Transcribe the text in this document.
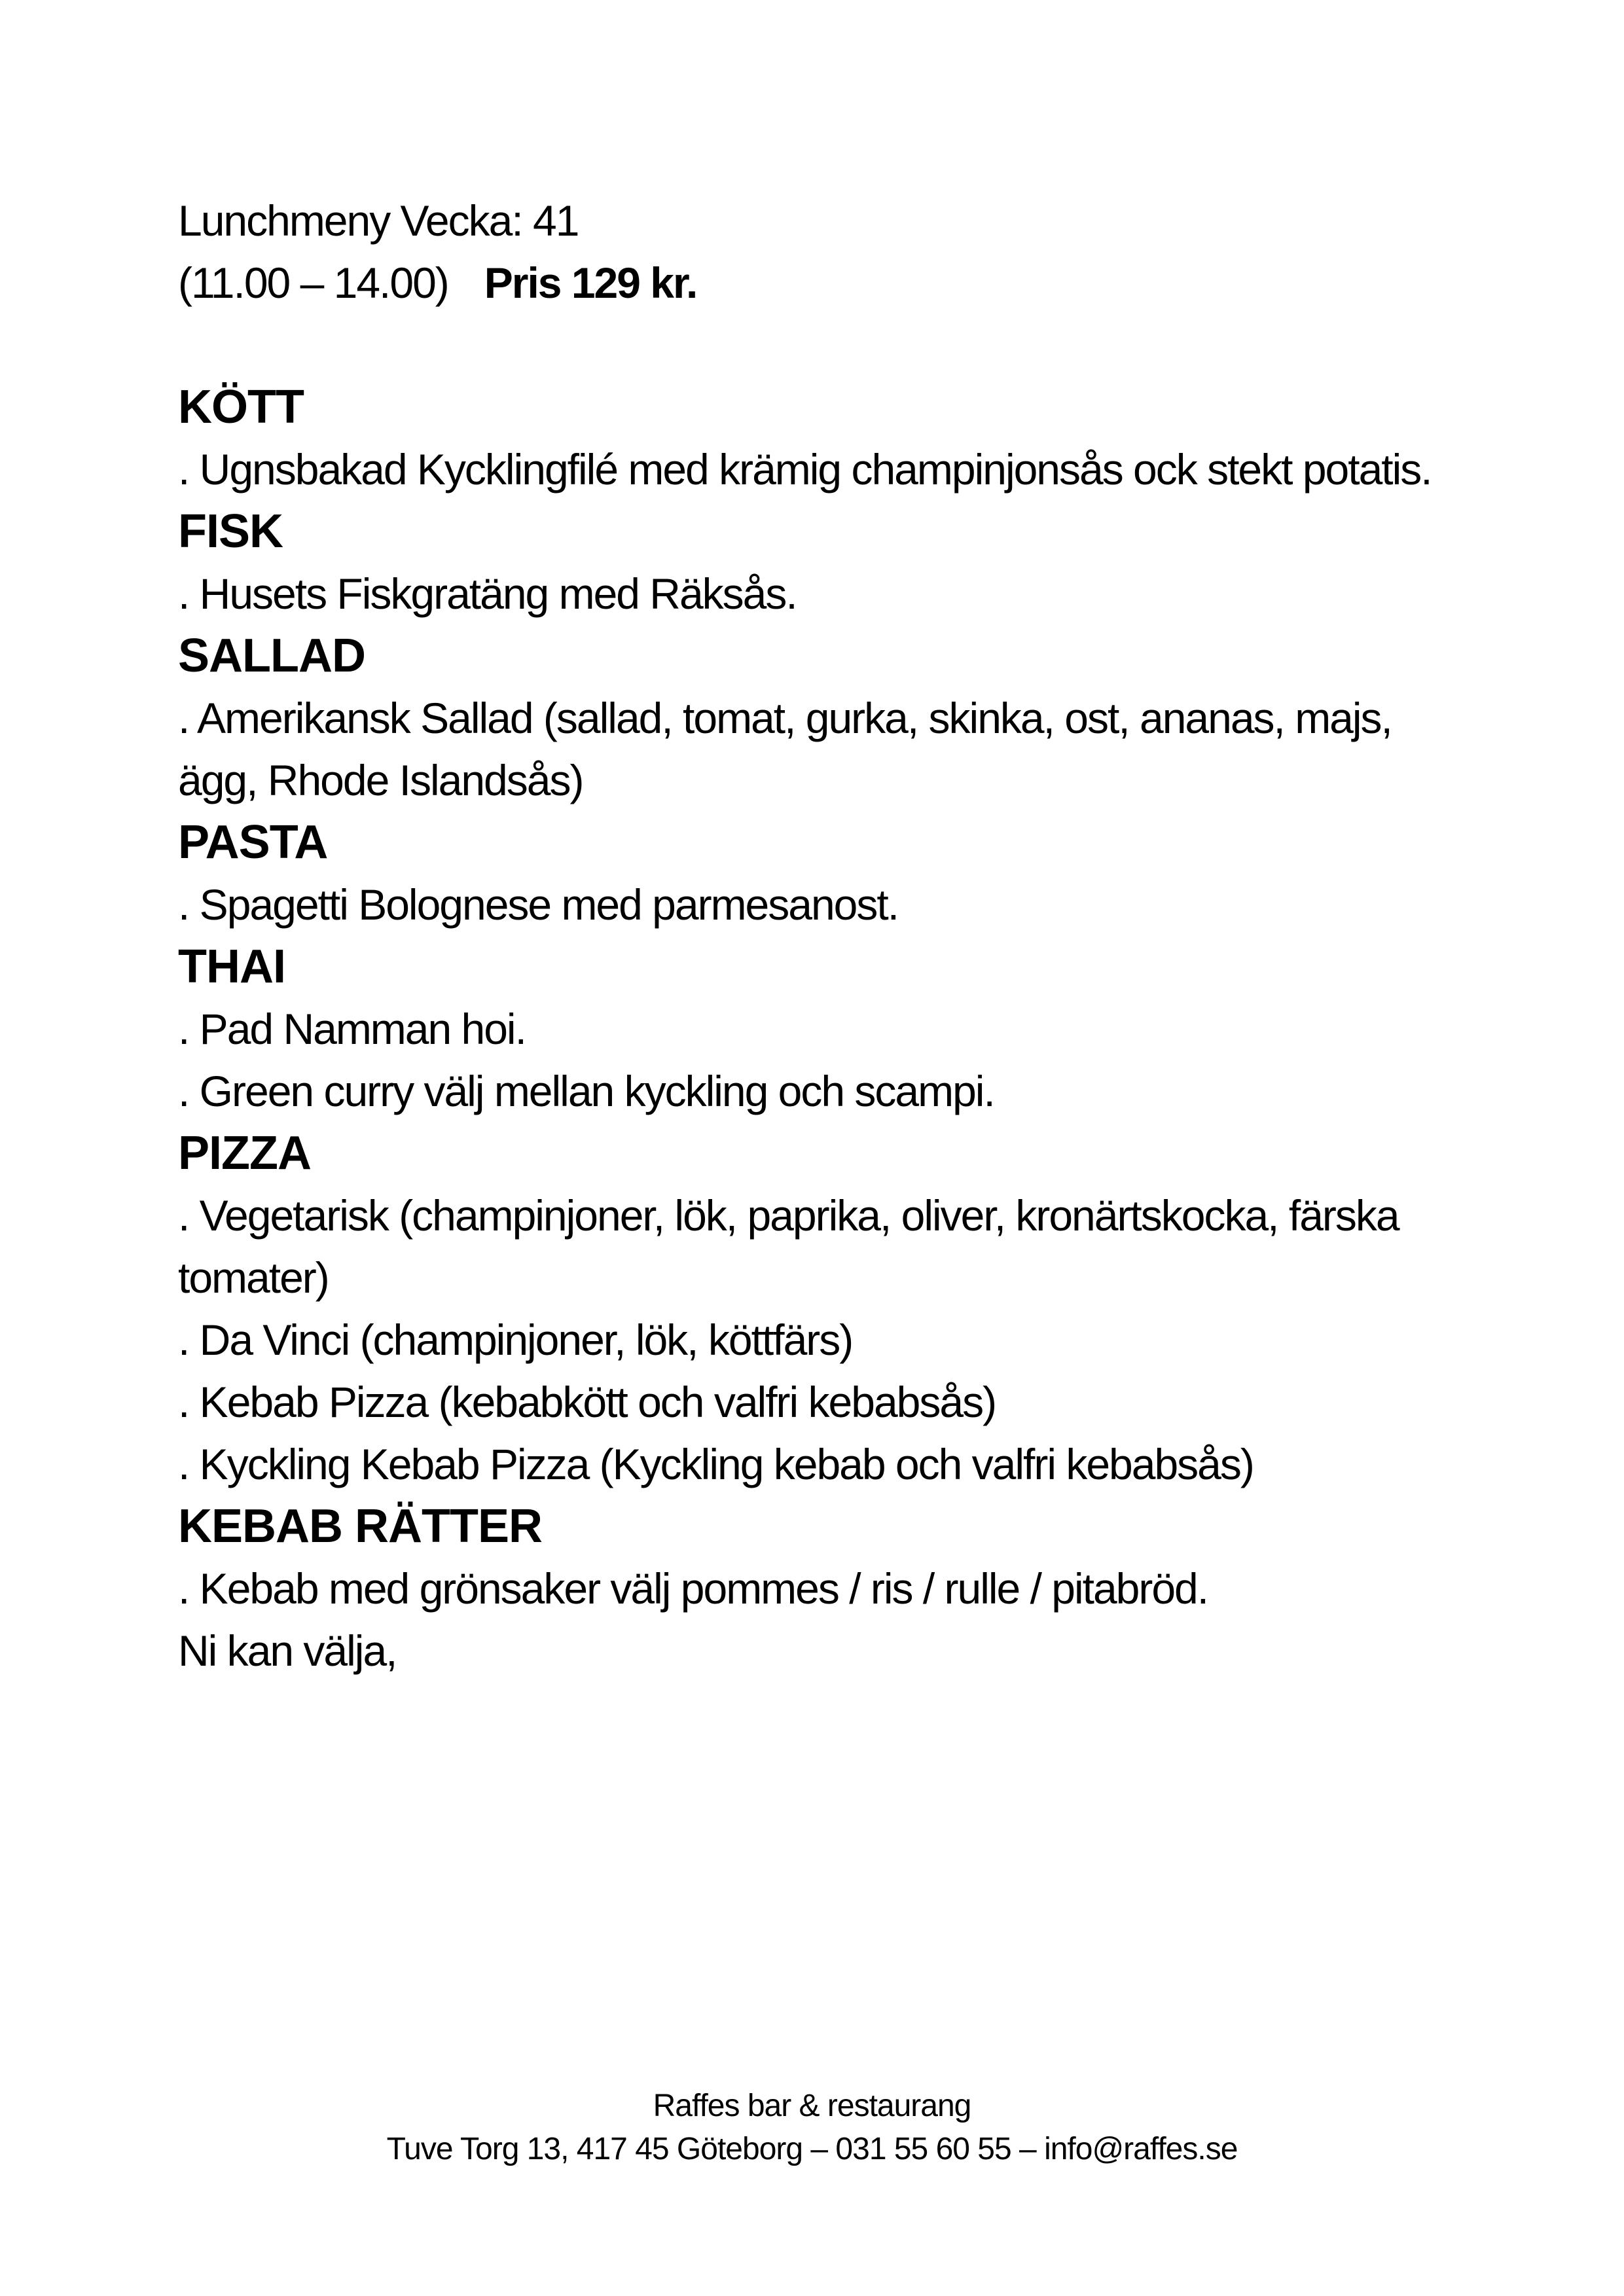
Lunchmeny Vecka: 41

(11.00 – 14.00) Pris 129 kr.

KÖTT

. Ugnsbakad Kycklingfilé med krämig champinjonsås ock stekt potatis.

FISK

. Husets Fiskgratäng med Räksås.

SALLAD

. Amerikansk Sallad (sallad, tomat, gurka, skinka, ost, ananas, majs, ägg, Rhode Islandsås)

PASTA

. Spagetti Bolognese med parmesanost.

THAI

. Pad Namman hoi.

. Green curry välj mellan kyckling och scampi.

PIZZA

. Vegetarisk (champinjoner, lök, paprika, oliver, kronärtskocka, färska tomater)

. Da Vinci (champinjoner, lök, köttfärs)

. Kebab Pizza (kebabkött och valfri kebabsås)

. Kyckling Kebab Pizza (Kyckling kebab och valfri kebabsås)

KEBAB RÄTTER

. Kebab med grönsaker välj pommes / ris / rulle / pitabröd.

Ni kan välja,

Raffes bar & restaurang
Tuve Torg 13, 417 45 Göteborg – 031 55 60 55 – info@raffes.se
